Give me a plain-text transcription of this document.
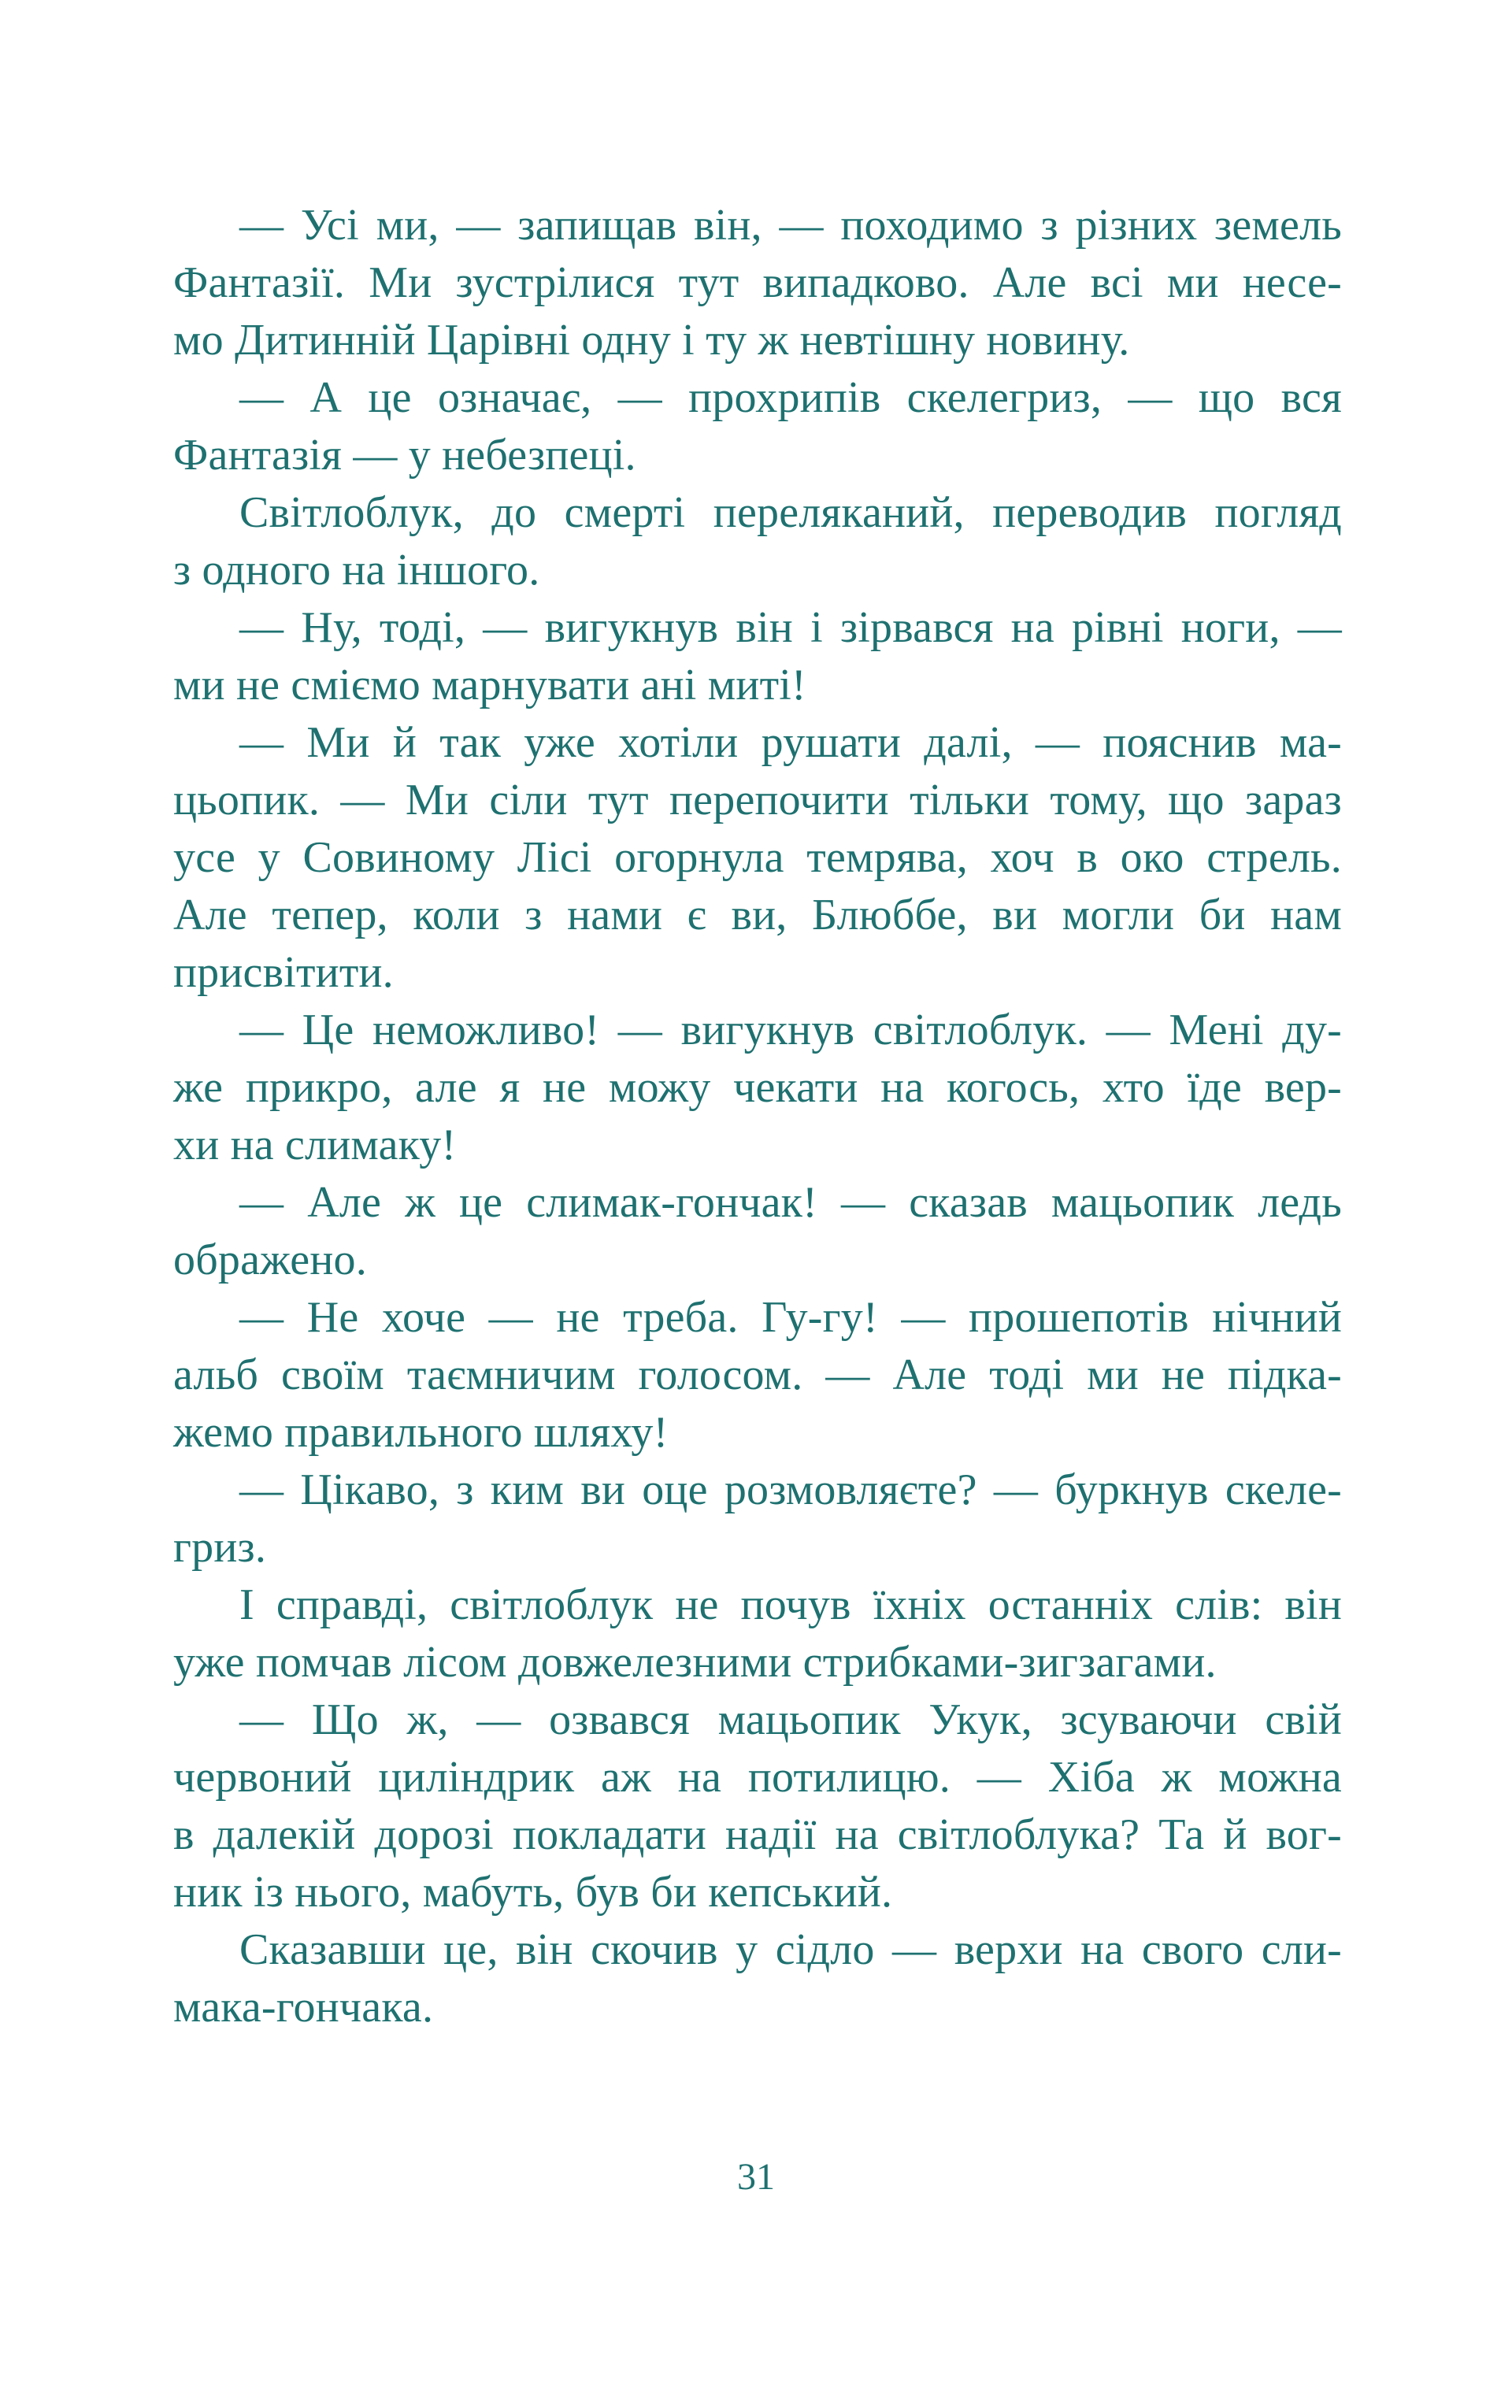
— Усі ми, — запищав він, — походимо з різних земель
Фантазії. Ми зустрілися тут випадково. Але всі ми несе-
мо Дитинній Царівні одну і ту ж невтішну новину.
— А це означає, — прохрипів скелегриз, — що вся
Фантазія — у небезпеці.
Світлоблук, до смерті переляканий, переводив погляд
з одного на іншого.
— Ну, тоді, — вигукнув він і зірвався на рівні ноги, —
ми не сміємо марнувати ані миті!
— Ми й так уже хотіли рушати далі, — пояснив ма-
цьопик. — Ми сіли тут перепочити тільки тому, що зараз
усе у Совиному Лісі огорнула темрява, хоч в око стрель.
Але тепер, коли з нами є ви, Блюббе, ви могли би нам
присвітити.
— Це неможливо! — вигукнув світлоблук. — Мені ду-
же прикро, але я не можу чекати на когось, хто їде вер-
хи на слимаку!
— Але ж це слимак-гончак! — сказав мацьопик ледь
ображено.
— Не хоче — не треба. Гу-гу! — прошепотів нічний
альб своїм таємничим голосом. — Але тоді ми не підка-
жемо правильного шляху!
— Цікаво, з ким ви оце розмовляєте? — буркнув скеле-
гриз.
І справді, світлоблук не почув їхніх останніх слів: він
уже помчав лісом довжелезними стрибками-зигзагами.
— Що ж, — озвався мацьопик Укук, зсуваючи свій
червоний циліндрик аж на потилицю. — Хіба ж можна
в далекій дорозі покладати надії на світлоблука? Та й вог-
ник із нього, мабуть, був би кепський.
Сказавши це, він скочив у сідло — верхи на свого сли-
мака-гончака.
31
